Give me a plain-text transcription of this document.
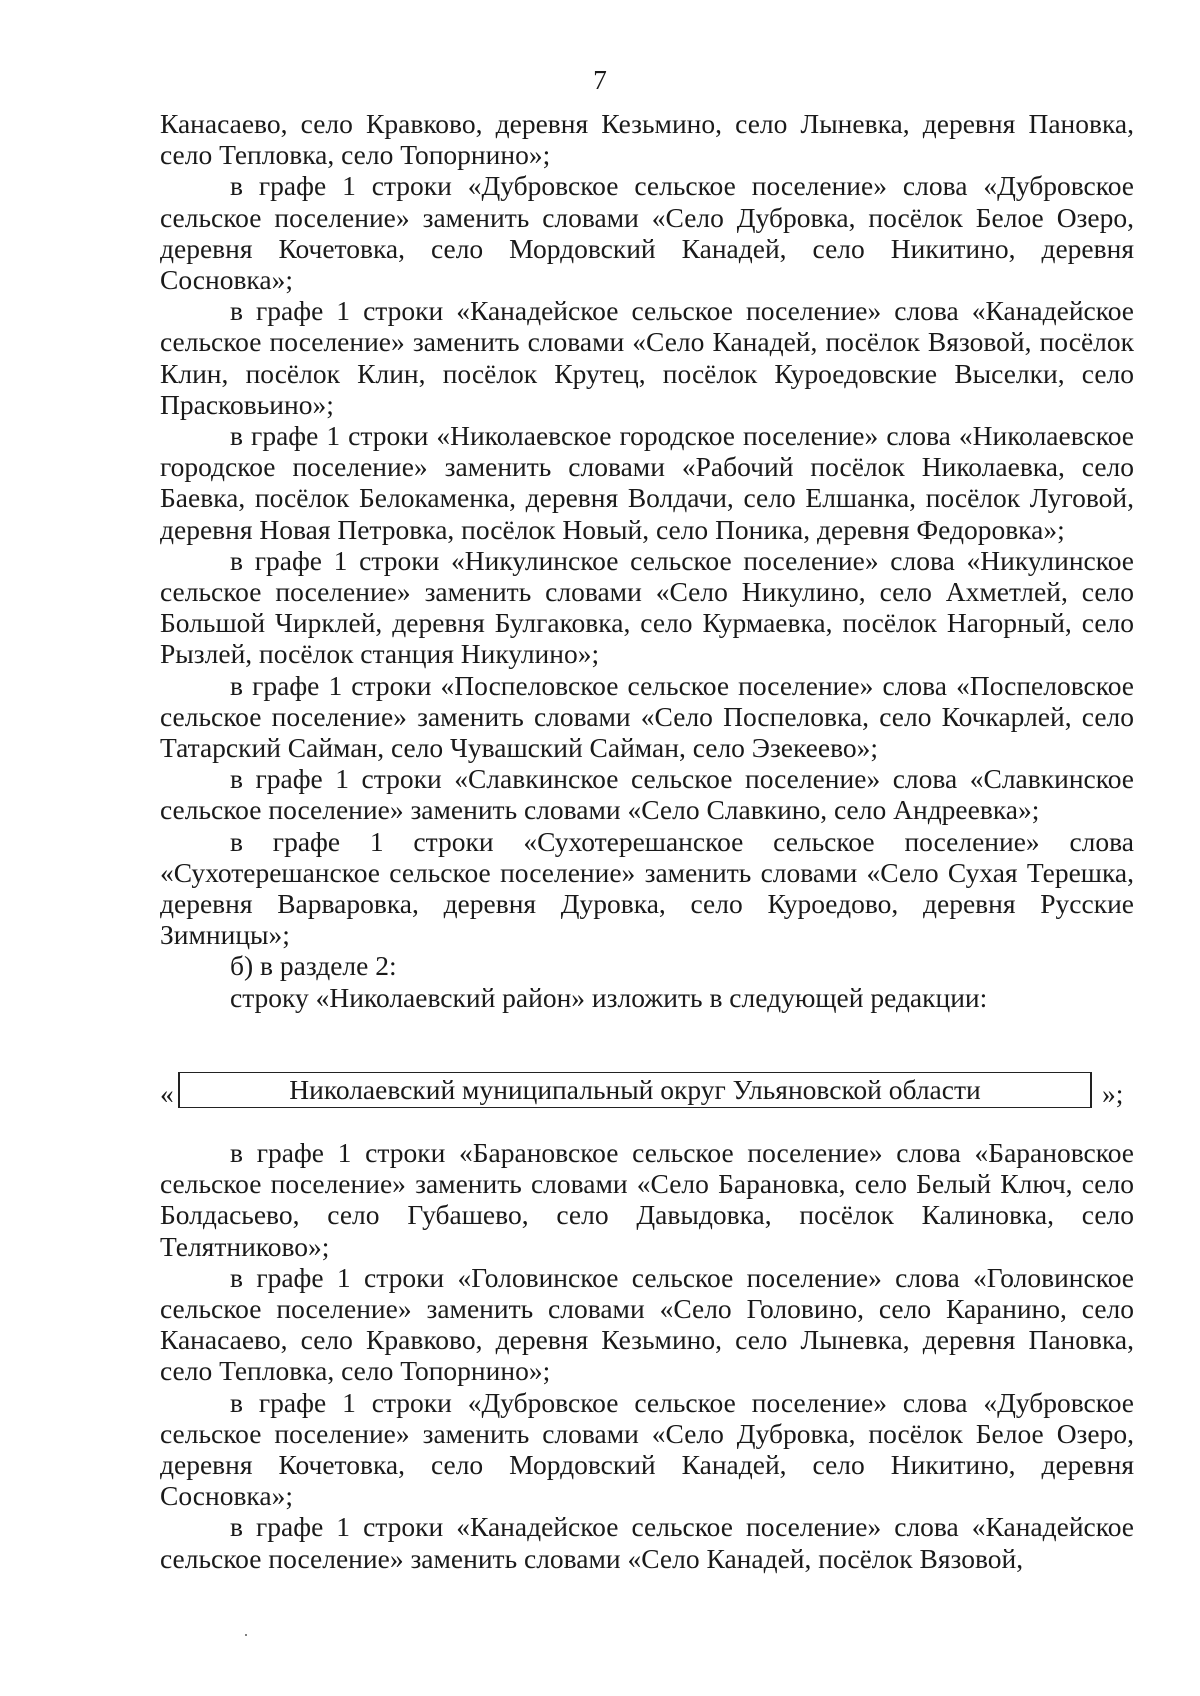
7

Канасаево, село Кравково, деревня Кезьмино, село Лыневка, деревня Пановка, село Тепловка, село Топорнино»;

в графе 1 строки «Дубровское сельское поселение» слова «Дубровское сельское поселение» заменить словами «Село Дубровка, посёлок Белое Озеро, деревня Кочетовка, село Мордовский Канадей, село Никитино, деревня Сосновка»;

в графе 1 строки «Канадейское сельское поселение» слова «Канадейское сельское поселение» заменить словами «Село Канадей, посёлок Вязовой, посёлок Клин, посёлок Клин, посёлок Крутец, посёлок Куроедовские Выселки, село Прасковьино»;

в графе 1 строки «Николаевское городское поселение» слова «Николаевское городское поселение» заменить словами «Рабочий посёлок Николаевка, село Баевка, посёлок Белокаменка, деревня Волдачи, село Елшанка, посёлок Луговой, деревня Новая Петровка, посёлок Новый, село Поника, деревня Федоровка»;

в графе 1 строки «Никулинское сельское поселение» слова «Никулинское сельское поселение» заменить словами «Село Никулино, село Ахметлей, село Большой Чирклей, деревня Булгаковка, село Курмаевка, посёлок Нагорный, село Рызлей, посёлок станция Никулино»;

в графе 1 строки «Поспеловское сельское поселение» слова «Поспеловское сельское поселение» заменить словами «Село Поспеловка, село Кочкарлей, село Татарский Сайман, село Чувашский Сайман, село Эзекеево»;

в графе 1 строки «Славкинское сельское поселение» слова «Славкинское сельское поселение» заменить словами «Село Славкино, село Андреевка»;

в графе 1 строки «Сухотерешанское сельское поселение» слова «Сухотерешанское сельское поселение» заменить словами «Село Сухая Терешка, деревня Варваровка, деревня Дуровка, село Куроедово, деревня Русские Зимницы»;

б) в разделе 2:

строку «Николаевский район» изложить в следующей редакции:

«	Николаевский муниципальный округ Ульяновской области	»;

в графе 1 строки «Барановское сельское поселение» слова «Барановское сельское поселение» заменить словами «Село Барановка, село Белый Ключ, село Болдасьево, село Губашево, село Давыдовка, посёлок Калиновка, село Телятниково»;

в графе 1 строки «Головинское сельское поселение» слова «Головинское сельское поселение» заменить словами «Село Головино, село Каранино, село Канасаево, село Кравково, деревня Кезьмино, село Лыневка, деревня Пановка, село Тепловка, село Топорнино»;

в графе 1 строки «Дубровское сельское поселение» слова «Дубровское сельское поселение» заменить словами «Село Дубровка, посёлок Белое Озеро, деревня Кочетовка, село Мордовский Канадей, село Никитино, деревня Сосновка»;

в графе 1 строки «Канадейское сельское поселение» слова «Канадейское сельское поселение» заменить словами «Село Канадей, посёлок Вязовой,
